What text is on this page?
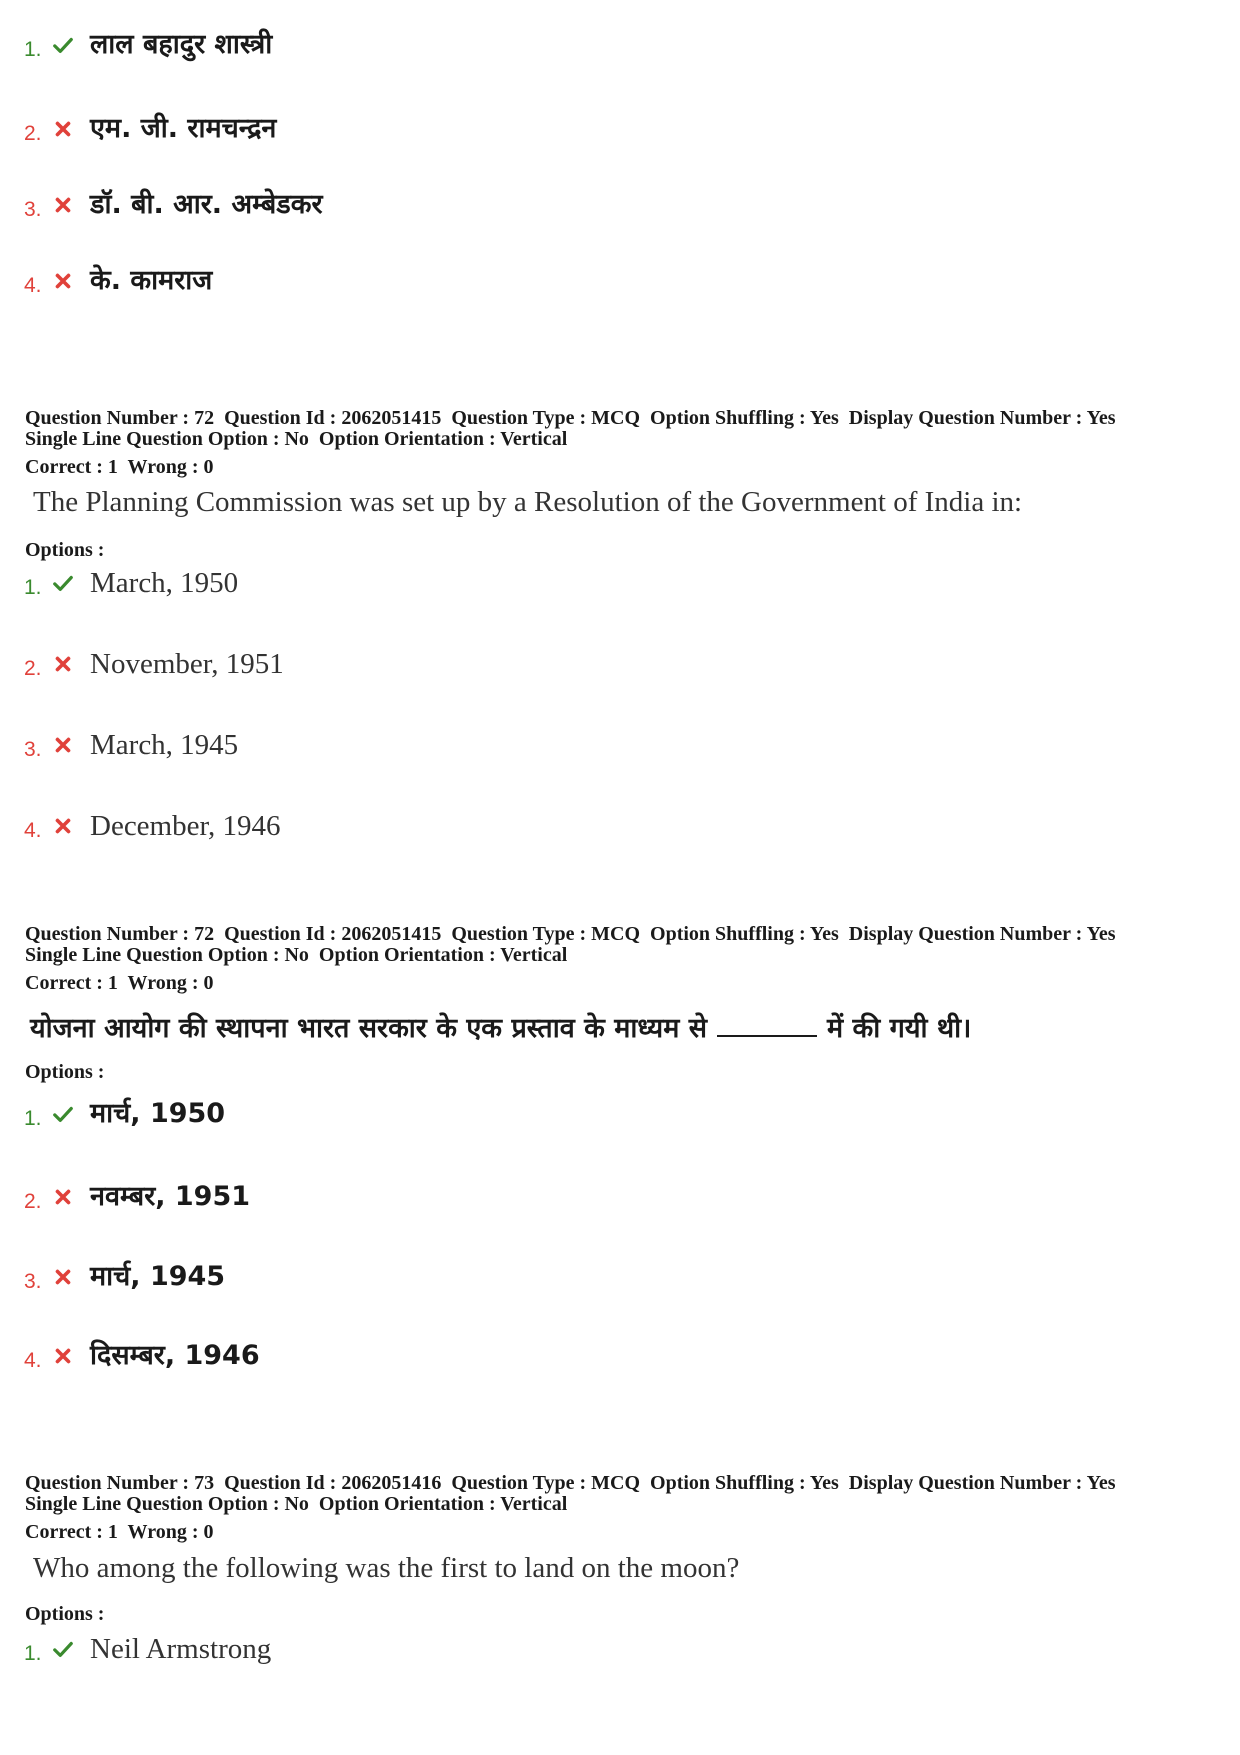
1.	लाल बहादुर शास्त्री
2.	एम. जी. रामचन्द्रन
3.	डॉ. बी. आर. अम्बेडकर
4.	के. कामराज
Question Number : 72  Question Id : 2062051415  Question Type : MCQ  Option Shuffling : Yes  Display Question Number : Yes
Single Line Question Option : No  Option Orientation : Vertical
Correct : 1  Wrong : 0
The Planning Commission was set up by a Resolution of the Government of India in:
Options :
1. March, 1950
2. November, 1951
3. March, 1945
4. December, 1946
Question Number : 72  Question Id : 2062051415  Question Type : MCQ  Option Shuffling : Yes  Display Question Number : Yes
Single Line Question Option : No  Option Orientation : Vertical
Correct : 1  Wrong : 0
योजना आयोग की स्थापना भारत सरकार के एक प्रस्ताव के माध्यम से	में की गयी थी।
Options :
1.	मार्च, 1950
2.	नवम्बर, 1951
3.	मार्च, 1945
4.	दिसम्बर, 1946
Question Number : 73  Question Id : 2062051416  Question Type : MCQ  Option Shuffling : Yes  Display Question Number : Yes
Single Line Question Option : No  Option Orientation : Vertical
Correct : 1  Wrong : 0
Who among the following was the first to land on the moon?
Options :
1. Neil Armstrong
